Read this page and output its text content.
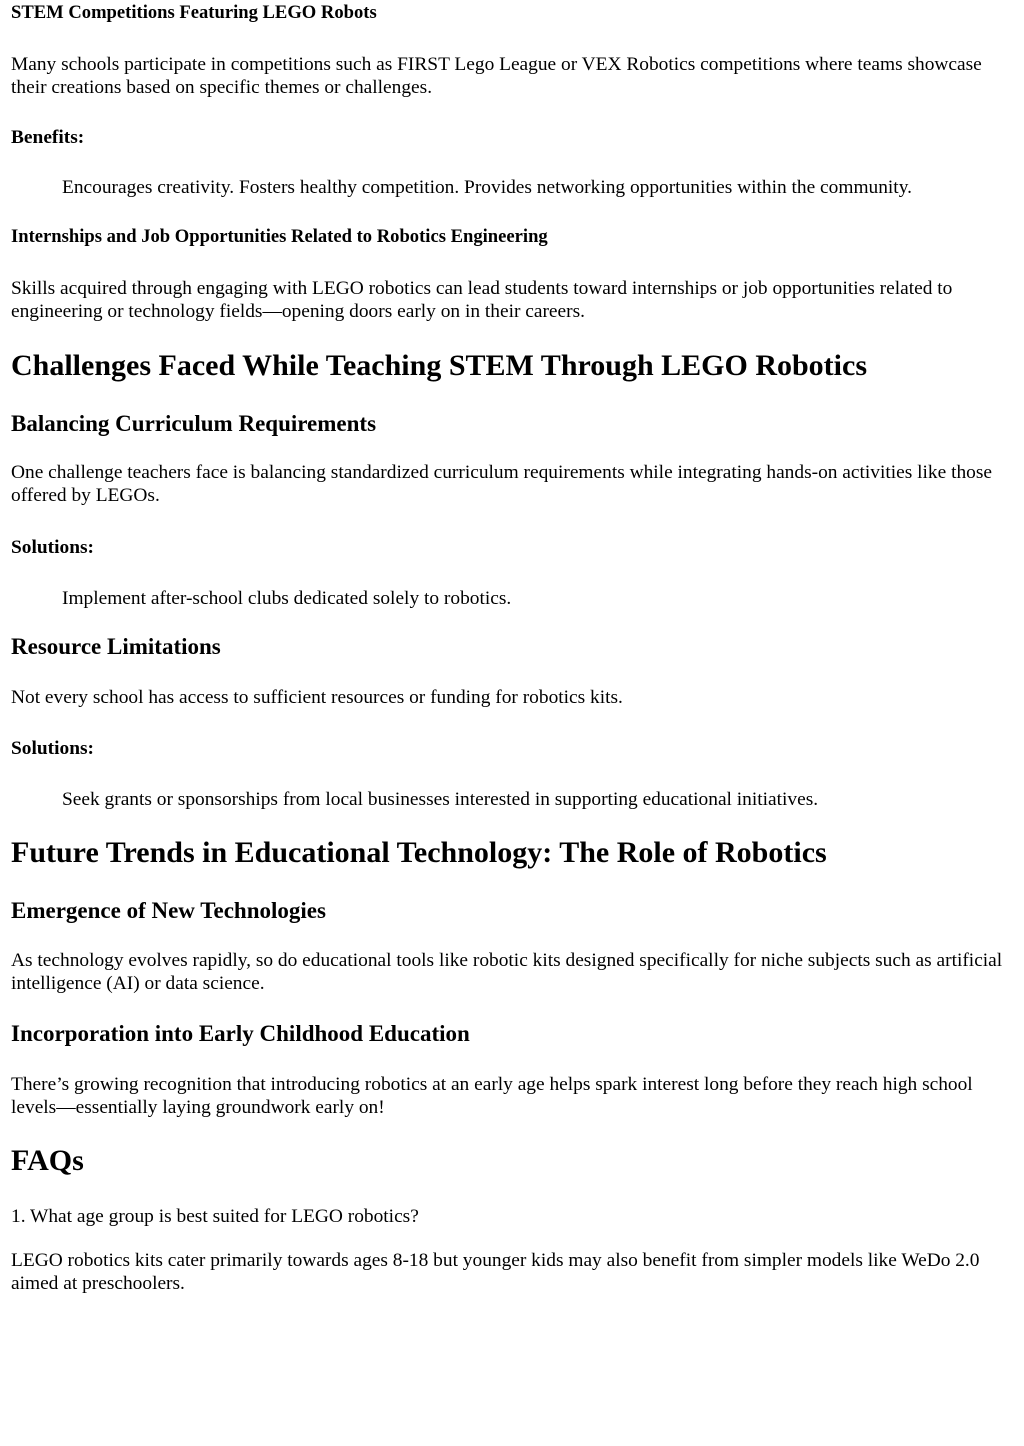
STEM Competitions Featuring LEGO Robots

Many schools participate in competitions such as FIRST Lego League or VEX Robotics competitions where teams showcase their creations based on specific themes or challenges.

Benefits:

Encourages creativity. Fosters healthy competition. Provides networking opportunities within the community.

Internships and Job Opportunities Related to Robotics Engineering

Skills acquired through engaging with LEGO robotics can lead students toward internships or job opportunities related to engineering or technology fields—opening doors early on in their careers.

Challenges Faced While Teaching STEM Through LEGO Robotics
Balancing Curriculum Requirements

One challenge teachers face is balancing standardized curriculum requirements while integrating hands-on activities like those offered by LEGOs.

Solutions:

Implement after-school clubs dedicated solely to robotics.

Resource Limitations

Not every school has access to sufficient resources or funding for robotics kits.

Solutions:

Seek grants or sponsorships from local businesses interested in supporting educational initiatives.

Future Trends in Educational Technology: The Role of Robotics
Emergence of New Technologies

As technology evolves rapidly, so do educational tools like robotic kits designed specifically for niche subjects such as artificial intelligence (AI) or data science.

Incorporation into Early Childhood Education

There’s growing recognition that introducing robotics at an early age helps spark interest long before they reach high school levels—essentially laying groundwork early on!

FAQs

1. What age group is best suited for LEGO robotics?

LEGO robotics kits cater primarily towards ages 8-18 but younger kids may also benefit from simpler models like WeDo 2.0 aimed at preschoolers.
